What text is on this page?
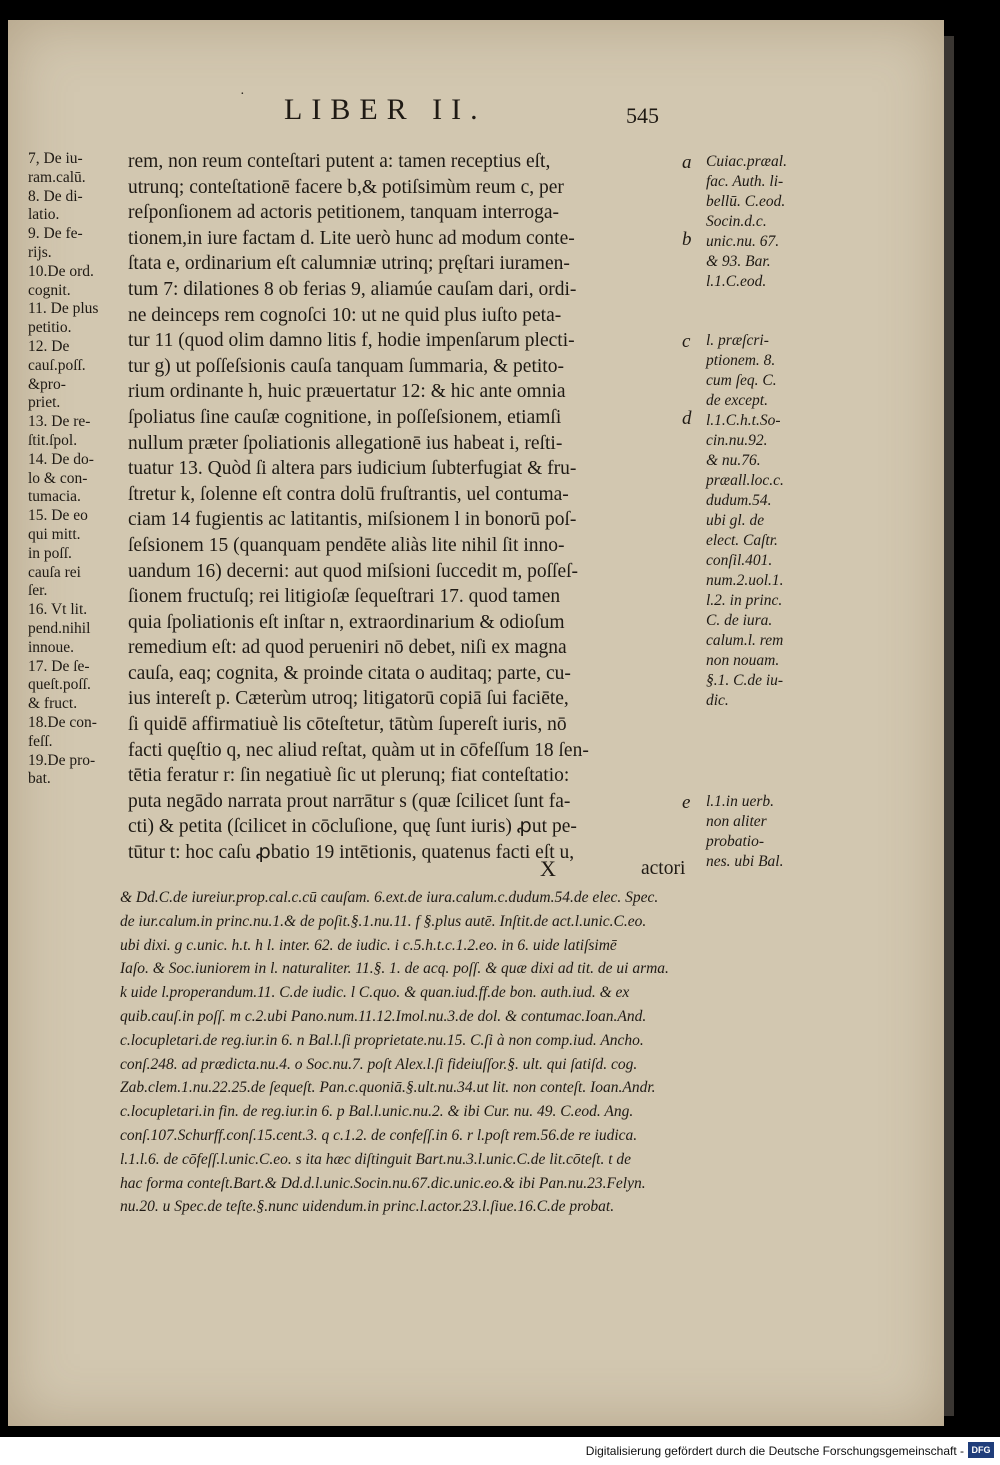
· LIBER II.	545
7, De iu-
ram.calū.
8. De di-
latio.
9. De fe-
rijs.
10.De ord.
cognit.
11. De plus
petitio.
12. De
cauſ.poſſ.
&pro-
priet.
13. De re-
ſtit.ſpol.
14. De do-
lo & con-
tumacia.
15. De eo
qui mitt.
in poſſ.
cauſa rei
ſer.
16. Vt lit.
pend.nihil
innoue.
17. De ſe-
queſt.poſſ.
& fruct.
18.De con-
feſſ.
19.De pro-
bat.
rem, non reum conteſtari putent a: tamen receptius eſt,
utrunq; conteſtationē facere b,& potiſsimùm reum c, per
reſponſionem ad actoris petitionem, tanquam interroga-
tionem,in iure factam d. Lite uerò hunc ad modum conte-
ſtata e, ordinarium eſt calumniæ utrinq; pręſtari iuramen-
tum 7: dilationes 8 ob ferias 9, aliamúe cauſam dari, ordi-
ne deinceps rem cognoſci 10: ut ne quid plus iuſto peta-
tur 11 (quod olim damno litis f, hodie impenſarum plecti-
tur g) ut poſſeſsionis cauſa tanquam ſummaria, & petito-
rium ordinante h, huic præuertatur 12: & hic ante omnia
ſpoliatus ſine cauſæ cognitione, in poſſeſsionem, etiamſi
nullum præter ſpoliationis allegationē ius habeat i, reſti-
tuatur 13. Quòd ſi altera pars iudicium ſubterfugiat & fru-
ſtretur k, ſolenne eſt contra dolū fruſtrantis, uel contuma-
ciam 14 fugientis ac latitantis, miſsionem l in bonorū poſ-
ſeſsionem 15 (quanquam pendēte aliàs lite nihil ſit inno-
uandum 16) decerni: aut quod miſsioni ſuccedit m, poſſeſ-
ſionem fructuſq; rei litigioſæ ſequeſtrari 17. quod tamen
quia ſpoliationis eſt inſtar n, extraordinarium & odioſum
remedium eſt: ad quod perueniri nō debet, niſi ex magna
cauſa, eaq; cognita, & proinde citata o auditaq; parte, cu-
ius intereſt p. Cæterùm utroq; litigatorū copiā ſui faciēte,
ſi quidē affirmatiuè lis cōteſtetur, tātùm ſupereſt iuris, nō
facti quęſtio q, nec aliud reſtat, quàm ut in cōfeſſum 18 ſen-
tētia feratur r: ſin negatiuè ſic ut plerunq; fiat conteſtatio:
puta negādo narrata prout narrātur s (quæ ſcilicet ſunt fa-
cti) & petita (ſcilicet in cōcluſione, quę ſunt iuris) ꝓut pe-
tūtur t: hoc caſu ꝓbatio 19 intētionis, quatenus facti eſt u,
X	actori
a Cuiac.præal.
fac. Auth. li-
bellū. C.eod.
Socin.d.c.
unic.nu. 67.
& 93. Bar.
l.1.C.eod.
b
c	l. præſcri-
ptionem. 8.
cum ſeq. C.
de except.
d l.1.C.h.t.So-
cin.nu.92.
& nu.76.
præall.loc.c.
dudum.54.
ubi gl. de
elect. Caſtr.
conſil.401.
num.2.uol.1.
l.2. in princ.
C. de iura.
calum.l. rem
non nouam.
§.1. C.de iu-
dic.
e	l.1.in uerb.
non aliter
probatio-
nes. ubi Bal.
& Dd.C.de iureiur.prop.cal.c.cū cauſam. 6.ext.de iura.calum.c.dudum.54.de elec. Spec.
de iur.calum.in princ.nu.1.& de poſit.§.1.nu.11. f §.plus autē. Inſtit.de act.l.unic.C.eo.
ubi dixi. g c.unic. h.t. h l. inter. 62. de iudic. i c.5.h.t.c.1.2.eo. in 6. uide latiſsimē
Iaſo. & Soc.iuniorem in l. naturaliter. 11.§. 1. de acq. poſſ. & quæ dixi ad tit. de ui arma.
k uide l.properandum.11. C.de iudic. l C.quo. & quan.iud.ff.de bon. auth.iud. & ex
quib.cauſ.in poſſ. m c.2.ubi Pano.num.11.12.Imol.nu.3.de dol. & contumac.Ioan.And.
c.locupletari.de reg.iur.in 6. n Bal.l.ſi proprietate.nu.15. C.ſi à non comp.iud. Ancho.
conſ.248. ad prædicta.nu.4. o Soc.nu.7. poſt Alex.l.ſi fideiuſſor.§. ult. qui ſatiſd. cog.
Zab.clem.1.nu.22.25.de ſequeſt. Pan.c.quoniā.§.ult.nu.34.ut lit. non conteſt. Ioan.Andr.
c.locupletari.in fin. de reg.iur.in 6. p Bal.l.unic.nu.2. & ibi Cur. nu. 49. C.eod. Ang.
conſ.107.Schurff.conſ.15.cent.3. q c.1.2. de confeſſ.in 6. r l.poſt rem.56.de re iudica.
l.1.l.6. de cōfeſſ.l.unic.C.eo. s ita hæc diſtinguit Bart.nu.3.l.unic.C.de lit.cōteſt. t de
hac forma conteſt.Bart.& Dd.d.l.unic.Socin.nu.67.dic.unic.eo.& ibi Pan.nu.23.Felyn.
nu.20. u Spec.de teſte.§.nunc uidendum.in princ.l.actor.23.l.ſiue.16.C.de probat.
Digitalisierung gefördert durch die Deutsche Forschungsgemeinschaft - DFG
